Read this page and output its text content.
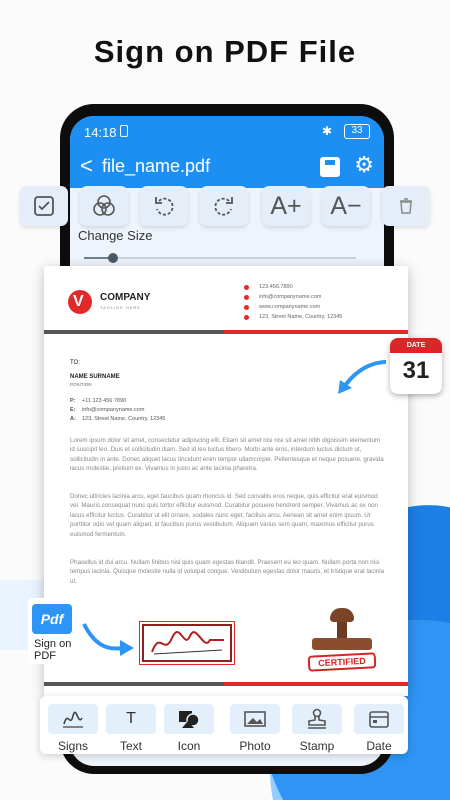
Sign on PDF File
14:18	✱	33
< file_name.pdf	⚙
A+	A−
Change Size
V
COMPANY
TAGLINE HERE
123.456.7890
info@companyname.com
www.companyname.com
123, Street Name, Country, 12345
TO:
NAME SURNAME
POSITION
P: +11 123 456 7890
E: info@companyname.com
A: 123, Street Name, Country, 12345

Lorem ipsum dolor sit amet, consectetur adipiscing elit. Etiam sit amet nisi nisi sit amet nibh dignissim elementum id suscipit leo. Duis et sollicitudin diam. Sed id leo luctus libero. Morbi ante eros, interdum luctus dictum ut, sollicitudin in ante. Donec aliquet lacus tincidunt enim tempor ullamcorper. Pellentesque et neque posuere, gravida lacus molestie, pretium ex. Vivamus in justo ac ante lacinia pharetra.

Donec ultricies lacinia arcu, eget faucibus quam rhoncus id. Sed convallis eros neque, quis efficitur erat euismod vel. Mauris consequat nunc quis tortor efficitur euismod. Curabitur posuere hendrerit semper. Vivamus ac ex non lacus efficitur luctus. Curabitur ut elit ornare, sodales nunc eget, facilisis arcu. Aenean sit amet enim ipsum. Ut porttitor odio vel quam aliquet, id faucibus purus vestibulum. Aliquam varius sem quam, maximus efficitur purus euismod fermentum.

Phasellus id dui arcu. Nullam finibus nisl quis quam egestas blandit. Praesent eu leo quam. Nullam porta non nisi tempus lacinia. Quisque molestie nulla id volutpat congue. Vestibulum egestas dolor mauris, et tristique erat lacinia ut.

CERTIFIED
DATE
31
Pdf
Sign on PDF
Signs
T
Text	Icon	Photo	Stamp	Date
